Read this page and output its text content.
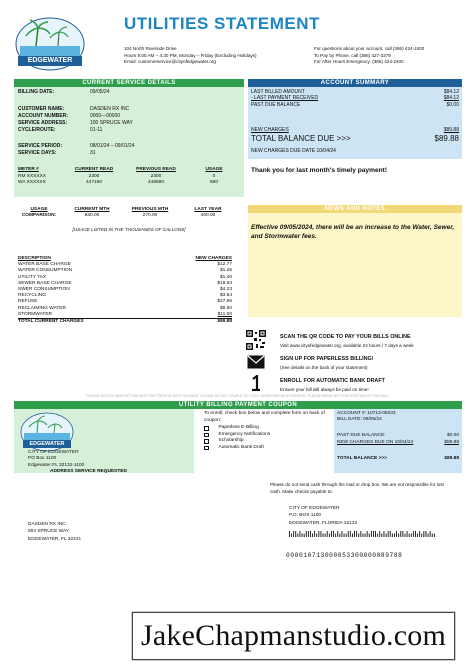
EDGEWATER
UTILITIES STATEMENT
104 North Riverside Drive
Hours 8:00 AM – 4:30 PM, Monday – Friday (Excluding Holidays)
Email: customerservice@cityofedgewater.org
For questions about your account, call (386) 424-2400
To Pay by Phone, call (386) 427-3279
For After Hours Emergency: (386) 424-2400
CURRENT SERVICE DETAILS
BILLING DATE:	09/05/24
CUSTOMER NAME:	DASDEN RX INC
ACCOUNT NUMBER:	0000—00000
SERVICE ADDRESS:	100 SPRUCE WAY
CYCLE/ROUTE:	01-11
SERVICE PERIOD:	08/01/24 – 09/01/24
SERVICE DAYS:	31
METER #	CURRENT READ	PREVIOUS READ	USAGE
RM XXXXXX	2300	2300	0
WA XXXXXX	447160	446580	580
ACCOUNT SUMMARY
LAST BILLED AMOUNT	$84.12
- LAST PAYMENT RECEIVED	$84.12
PAST DUE BALANCE	$0.00
NEW CHARGES	$89.88
TOTAL BALANCE DUE >>>	$89.88
NEW CHARGES DUE DATE 10/04/24
Thank you for last month's timely payment!
USAGE	CURRENT MTH	PREVIOUS MTH	LAST YEAR
COMPARISON:	580.00	270.00	400.00
[USAGE LISTED IN THE THOUSANDS OF GALLONS]
NEWS AND NOTES
Effective 09/05/2024, there will be an increase to the Water, Sewer, and Stormwater fees.
DESCRIPTION	NEW CHARGES
WATER BASE CHARGE	$12.77
WATER CONSUMPTION	$1.25
UTILITY TAX	$1.40
SEWER BASE CHARGE	$18.53
SWER CONSUMPTION	$4.23
RECYCLING	$3.54
REFUSE	$27.66
RECLAIMING WATER	$9.50
STORMWATER	$11.00
TOTAL CURRENT CHARGES	$89.88
SCAN THE QR CODE TO PAY YOUR BILLS ONLINE
Visit www.cityofedgewater.org, available 24 hours / 7 days a week
SIGN UP FOR PAPERLESS BILLING!
(See details on the back of your statement)
ENROLL FOR AUTOMATIC BANK DRAFT
Ensure your bill will always be paid on time!
PLEASE DETACH AND RETURN BOTTOM PORTION WITH PAYMENT. PLEASE DO NOT STAPLE OR FOLD. WHEN PAYING IN PERSON, PLEASE BRING BOTTOM PORTION OF THIS BILL.
UTILITY BILLING PAYMENT COUPON
EDGEWATER
To enroll, check box below and complete form on back of coupon:
Paperless E-Billing
Emergency Notifications
Scholarship
Automatic Bank Draft
CITY OF EDGEWATER
PO Box 1100
Edgewater FL 32132-1100
ADDRESS SERVICE REQUESTED
ACCOUNT #: 10713-05033
BILL DATE: 09/05/24
PAST DUE BALANCE:	$0.00
NEW CHARGES DUE ON 10/04/24	$89.88
TOTAL BALANCE >>>	$89.88
Please do not send cash through the mail or drop box. We are not responsible for lost cash. Make checks payable to:
DASDEN RX INC
804 SPRUCE WAY
EDGEWATER, FL 32241
CITY OF EDGEWATER
P.O. BOX 1100
EDGEWATER, FLORIDA 32132
000010713000053300000089788
JakeChapmanstudio.com
